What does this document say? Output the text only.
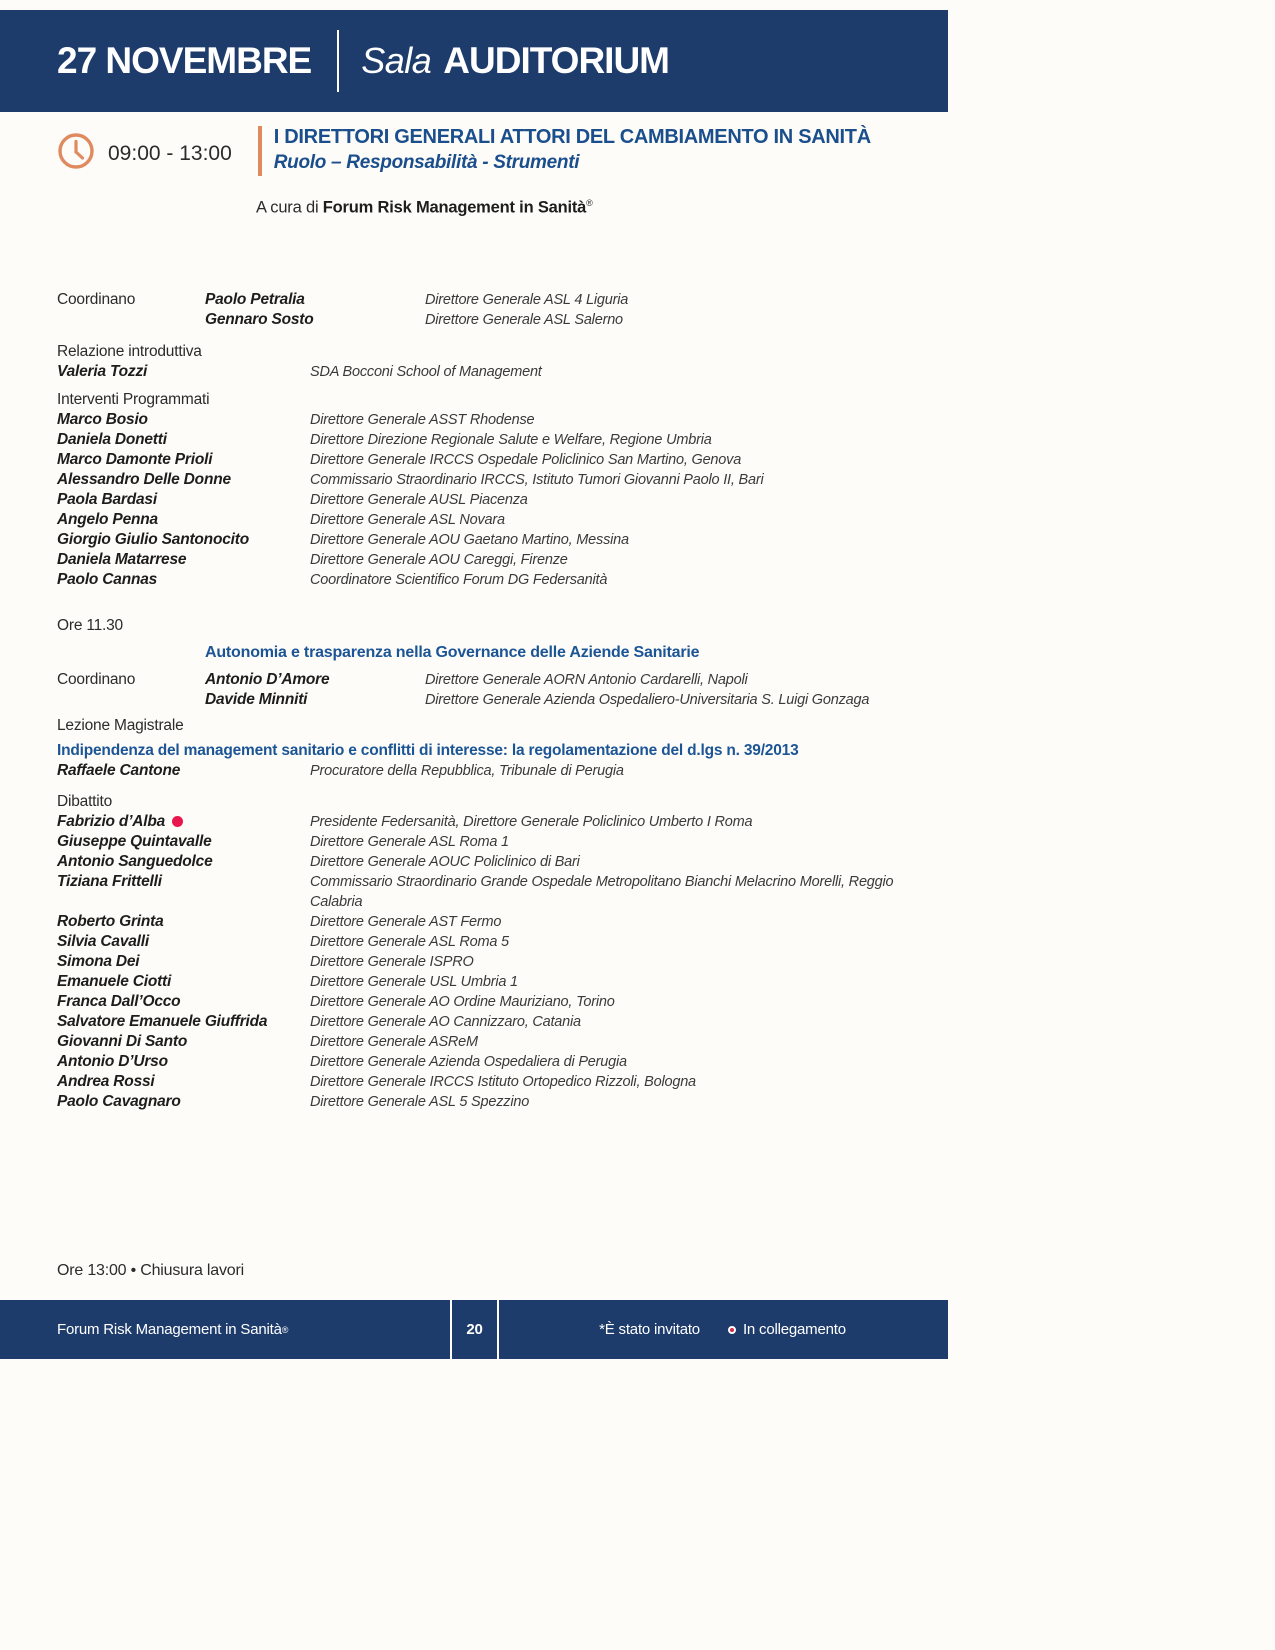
27 NOVEMBRE Sala AUDITORIUM
09:00 - 13:00
I DIRETTORI GENERALI ATTORI DEL CAMBIAMENTO IN SANITÀ
Ruolo – Responsabilità - Strumenti
A cura di Forum Risk Management in Sanità®
Paolo Petralia	Direttore Generale ASL 4 Liguria
Gennaro Sosto	Direttore Generale ASL Salerno
Coordinano
Relazione introduttiva
Valeria Tozzi	SDA Bocconi School of Management
Interventi Programmati
Marco Bosio	Direttore Generale ASST Rhodense
Daniela Donetti	Direttore Direzione Regionale Salute e Welfare, Regione Umbria
Marco Damonte Prioli	Direttore Generale IRCCS Ospedale Policlinico San Martino, Genova
Alessandro Delle Donne	Commissario Straordinario IRCCS, Istituto Tumori Giovanni Paolo II, Bari
Paola Bardasi	Direttore Generale AUSL Piacenza
Angelo Penna	Direttore Generale ASL Novara
Giorgio Giulio Santonocito	Direttore Generale AOU Gaetano Martino, Messina
Daniela Matarrese	Direttore Generale AOU Careggi, Firenze
Paolo Cannas	Coordinatore Scientifico Forum DG Federsanità
Ore 11.30
Autonomia e trasparenza nella Governance delle Aziende Sanitarie
Antonio D’Amore	Direttore Generale AORN Antonio Cardarelli, Napoli
Davide Minniti	Direttore Generale Azienda Ospedaliero-Universitaria S. Luigi Gonzaga
Coordinano
Lezione Magistrale
Indipendenza del management sanitario e conflitti di interesse: la regolamentazione del d.lgs n. 39/2013
Raffaele Cantone	Procuratore della Repubblica, Tribunale di Perugia
Dibattito
Fabrizio d’Alba	Presidente Federsanità, Direttore Generale Policlinico Umberto I Roma
Giuseppe Quintavalle	Direttore Generale ASL Roma 1
Antonio Sanguedolce	Direttore Generale AOUC Policlinico di Bari
Tiziana Frittelli	Commissario Straordinario Grande Ospedale Metropolitano Bianchi Melacrino Morelli, Reggio Calabria
Roberto Grinta	Direttore Generale AST Fermo
Silvia Cavalli	Direttore Generale ASL Roma 5
Simona Dei	Direttore Generale ISPRO
Emanuele Ciotti	Direttore Generale USL Umbria 1
Franca Dall’Occo	Direttore Generale AO Ordine Mauriziano, Torino
Salvatore Emanuele Giuffrida	Direttore Generale AO Cannizzaro, Catania
Giovanni Di Santo	Direttore Generale ASReM
Antonio D’Urso	Direttore Generale Azienda Ospedaliera di Perugia
Andrea Rossi	Direttore Generale IRCCS Istituto Ortopedico Rizzoli, Bologna
Paolo Cavagnaro	Direttore Generale ASL 5 Spezzino
Ore 13:00 • Chiusura lavori
Forum Risk Management in Sanità ®	20	*È stato invitato	In collegamento
